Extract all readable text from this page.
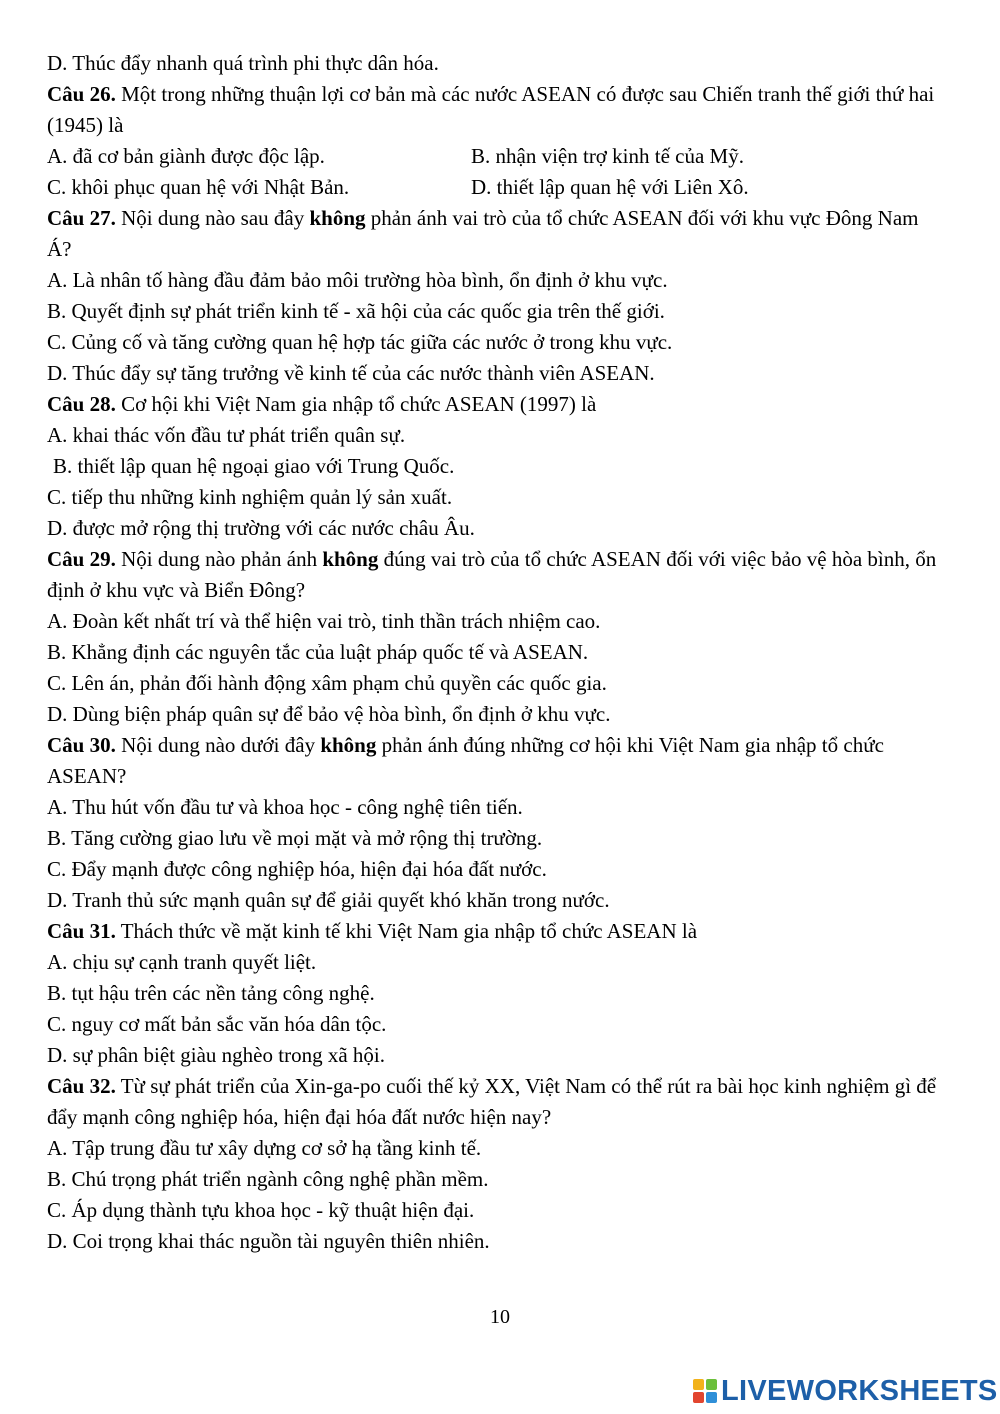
D. Thúc đẩy nhanh quá trình phi thực dân hóa.
Câu 26. Một trong những thuận lợi cơ bản mà các nước ASEAN có được sau Chiến tranh thế giới thứ hai (1945) là
A. đã cơ bản giành được độc lập.	B. nhận viện trợ kinh tế của Mỹ.
C. khôi phục quan hệ với Nhật Bản.	D. thiết lập quan hệ với Liên Xô.
Câu 27. Nội dung nào sau đây không phản ánh vai trò của tổ chức ASEAN đối với khu vực Đông Nam Á?
A. Là nhân tố hàng đầu đảm bảo môi trường hòa bình, ổn định ở khu vực.
B. Quyết định sự phát triển kinh tế - xã hội của các quốc gia trên thế giới.
C. Củng cố và tăng cường quan hệ hợp tác giữa các nước ở trong khu vực.
D. Thúc đẩy sự tăng trưởng về kinh tế của các nước thành viên ASEAN.
Câu 28. Cơ hội khi Việt Nam gia nhập tổ chức ASEAN (1997) là
A. khai thác vốn đầu tư phát triển quân sự.
B. thiết lập quan hệ ngoại giao với Trung Quốc.
C. tiếp thu những kinh nghiệm quản lý sản xuất.
D. được mở rộng thị trường với các nước châu Âu.
Câu 29. Nội dung nào phản ánh không đúng vai trò của tổ chức ASEAN đối với việc bảo vệ hòa bình, ổn định ở khu vực và Biển Đông?
A. Đoàn kết nhất trí và thể hiện vai trò, tinh thần trách nhiệm cao.
B. Khẳng định các nguyên tắc của luật pháp quốc tế và ASEAN.
C. Lên án, phản đối hành động xâm phạm chủ quyền các quốc gia.
D. Dùng biện pháp quân sự để bảo vệ hòa bình, ổn định ở khu vực.
Câu 30. Nội dung nào dưới đây không phản ánh đúng những cơ hội khi Việt Nam gia nhập tổ chức ASEAN?
A. Thu hút vốn đầu tư và khoa học - công nghệ tiên tiến.
B. Tăng cường giao lưu về mọi mặt và mở rộng thị trường.
C. Đẩy mạnh được công nghiệp hóa, hiện đại hóa đất nước.
D. Tranh thủ sức mạnh quân sự để giải quyết khó khăn trong nước.
Câu 31. Thách thức về mặt kinh tế khi Việt Nam gia nhập tổ chức ASEAN là
A. chịu sự cạnh tranh quyết liệt.
B. tụt hậu trên các nền tảng công nghệ.
C. nguy cơ mất bản sắc văn hóa dân tộc.
D. sự phân biệt giàu nghèo trong xã hội.
Câu 32. Từ sự phát triển của Xin-ga-po cuối thế kỷ XX, Việt Nam có thể rút ra bài học kinh nghiệm gì để đẩy mạnh công nghiệp hóa, hiện đại hóa đất nước hiện nay?
A. Tập trung đầu tư xây dựng cơ sở hạ tầng kinh tế.
B. Chú trọng phát triển ngành công nghệ phần mềm.
C. Áp dụng thành tựu khoa học - kỹ thuật hiện đại.
D. Coi trọng khai thác nguồn tài nguyên thiên nhiên.
10
LIVEWORKSHEETS
